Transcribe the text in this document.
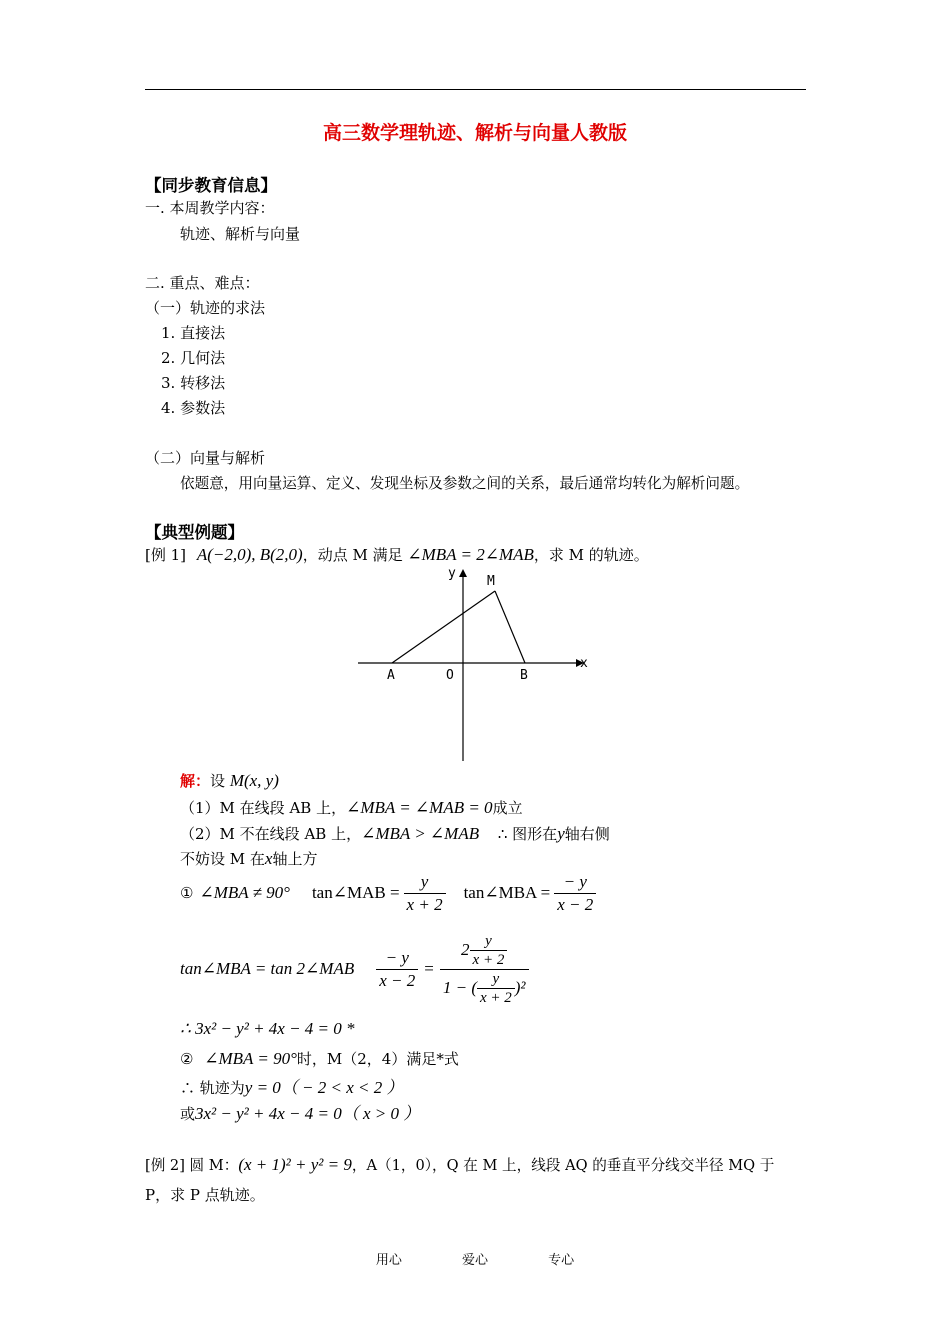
高三数学理轨迹、解析与向量人教版
【同步教育信息】
一. 本周教学内容：
轨迹、解析与向量
二. 重点、难点：
（一）轨迹的求法
1. 直接法
2. 几何法
3. 转移法
4. 参数法
（二）向量与解析
依题意，用向量运算、定义、发现坐标及参数之间的关系，最后通常均转化为解析问题。
【典型例题】
[例 1] A(−2,0), B(2,0)，动点 M 满足 ∠MBA = 2∠MAB，求 M 的轨迹。
y
x
M
A	O	B
解：设 M(x, y)
（1）M 在线段 AB 上，∠MBA = ∠MAB = 0成立
（2）M 不在线段 AB 上，∠MBA > ∠MAB ∴ 图形在y轴右侧
不妨设 M 在x轴上方
① ∠MBA ≠ 90° tan∠MAB = $\frac{y}{x + 2}$ tan∠MBA = $\frac{- y}{x - 2}$
tan∠MBA = tan 2∠MAB $\frac{- y}{x - 2}$ =
$2 \frac{y}{x + 2}$
1 − ( $\frac{y}{x + 2} )^2$
∴ 3x² − y² + 4x − 4 = 0 *
② ∠MBA = 90°时，M（2，4）满足*式
∴ 轨迹为y = 0（ − 2 < x < 2 ）
或3x² − y² + 4x − 4 = 0（ x > 0 ）
[例 2] 圆 M：(x + 1)² + y² = 9，A（1，0），Q 在 M 上，线段 AQ 的垂直平分线交半径 MQ 于
P，求 P 点轨迹。
用心	爱心	专心
